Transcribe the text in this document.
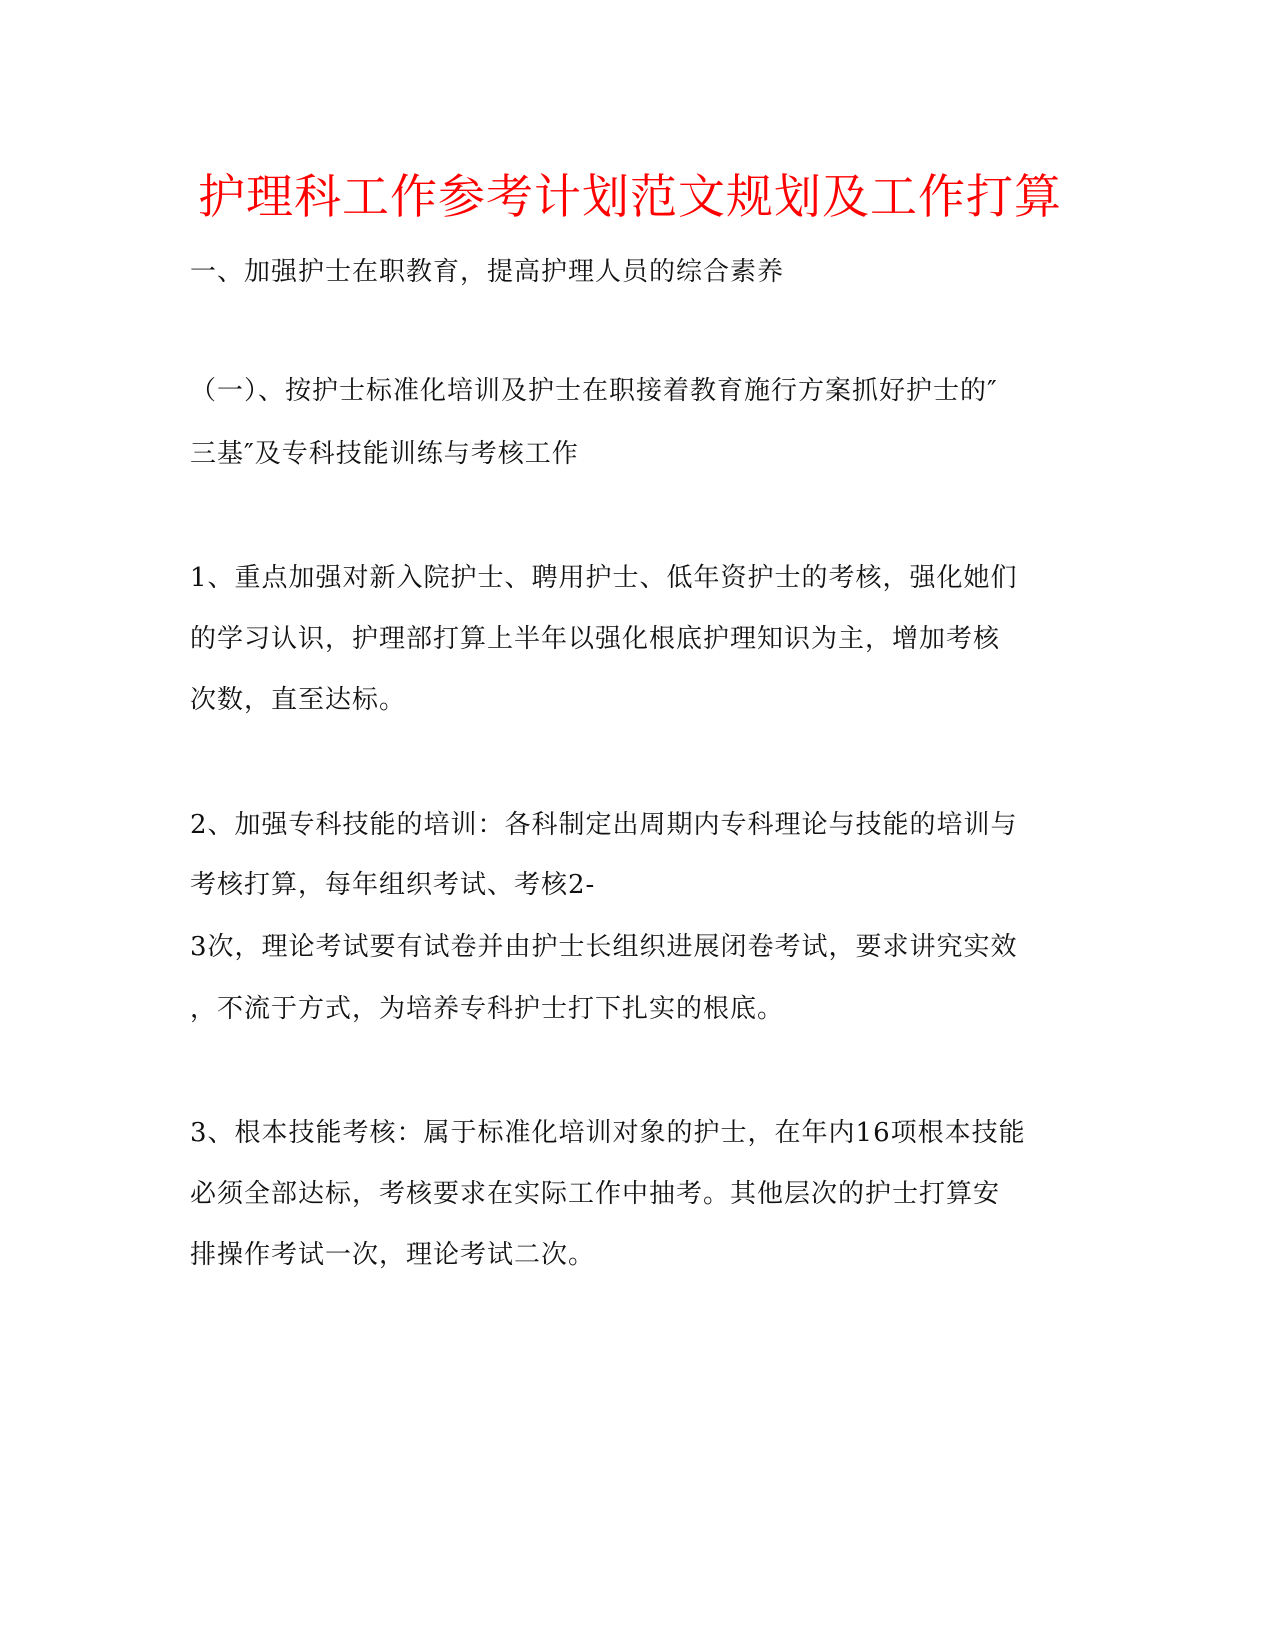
护理科工作参考计划范文规划及工作打算
一、加强护士在职教育，提高护理人员的综合素养
（一）、按护士标准化培训及护士在职接着教育施行方案抓好护士的″
三基″及专科技能训练与考核工作
1、重点加强对新入院护士、聘用护士、低年资护士的考核，强化她们
的学习认识，护理部打算上半年以强化根底护理知识为主，增加考核
次数，直至达标。
2、加强专科技能的培训：各科制定出周期内专科理论与技能的培训与
考核打算，每年组织考试、考核2-
3次，理论考试要有试卷并由护士长组织进展闭卷考试，要求讲究实效
，不流于方式，为培养专科护士打下扎实的根底。
3、根本技能考核：属于标准化培训对象的护士，在年内16项根本技能
必须全部达标，考核要求在实际工作中抽考。其他层次的护士打算安
排操作考试一次，理论考试二次。
